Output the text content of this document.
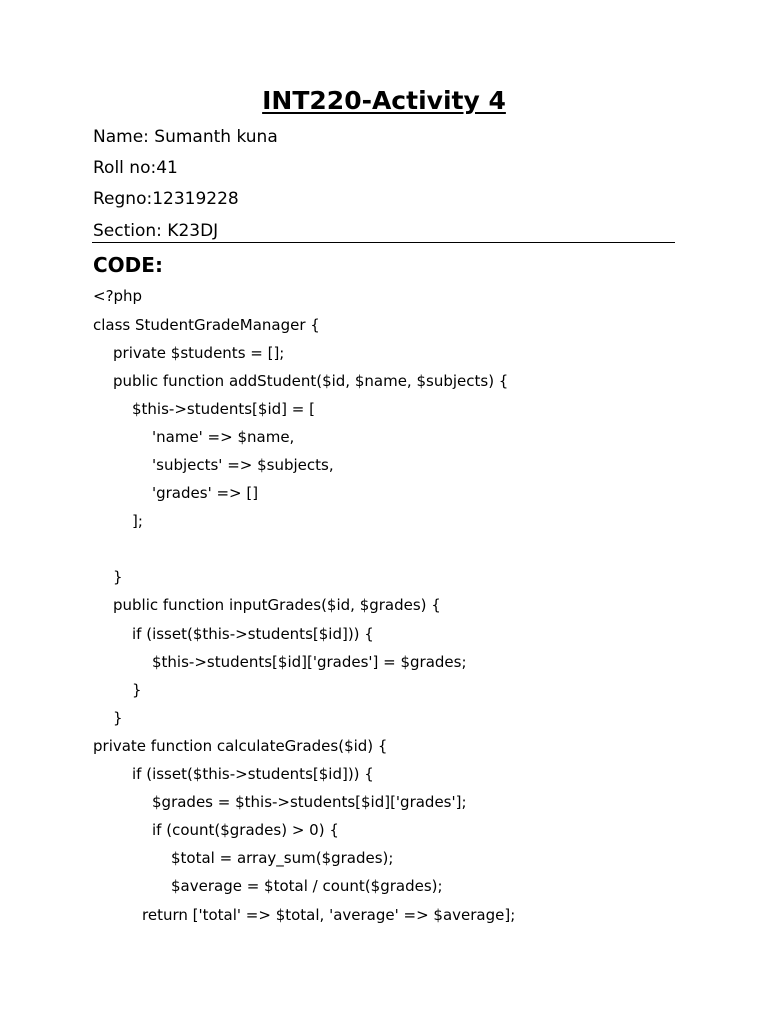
INT220-Activity 4

Name: Sumanth kuna

Roll no:41

Regno:12319228

Section: K23DJ

CODE:

<?php

class StudentGradeManager {

private $students = [];

public function addStudent($id, $name, $subjects) {

$this->students[$id] = [

'name' => $name,

'subjects' => $subjects,

'grades' => []

];

}

public function inputGrades($id, $grades) {

if (isset($this->students[$id])) {

$this->students[$id]['grades'] = $grades;

}

}

private function calculateGrades($id) {

if (isset($this->students[$id])) {

$grades = $this->students[$id]['grades'];

if (count($grades) > 0) {

$total = array_sum($grades);

$average = $total / count($grades);

return ['total' => $total, 'average' => $average];
